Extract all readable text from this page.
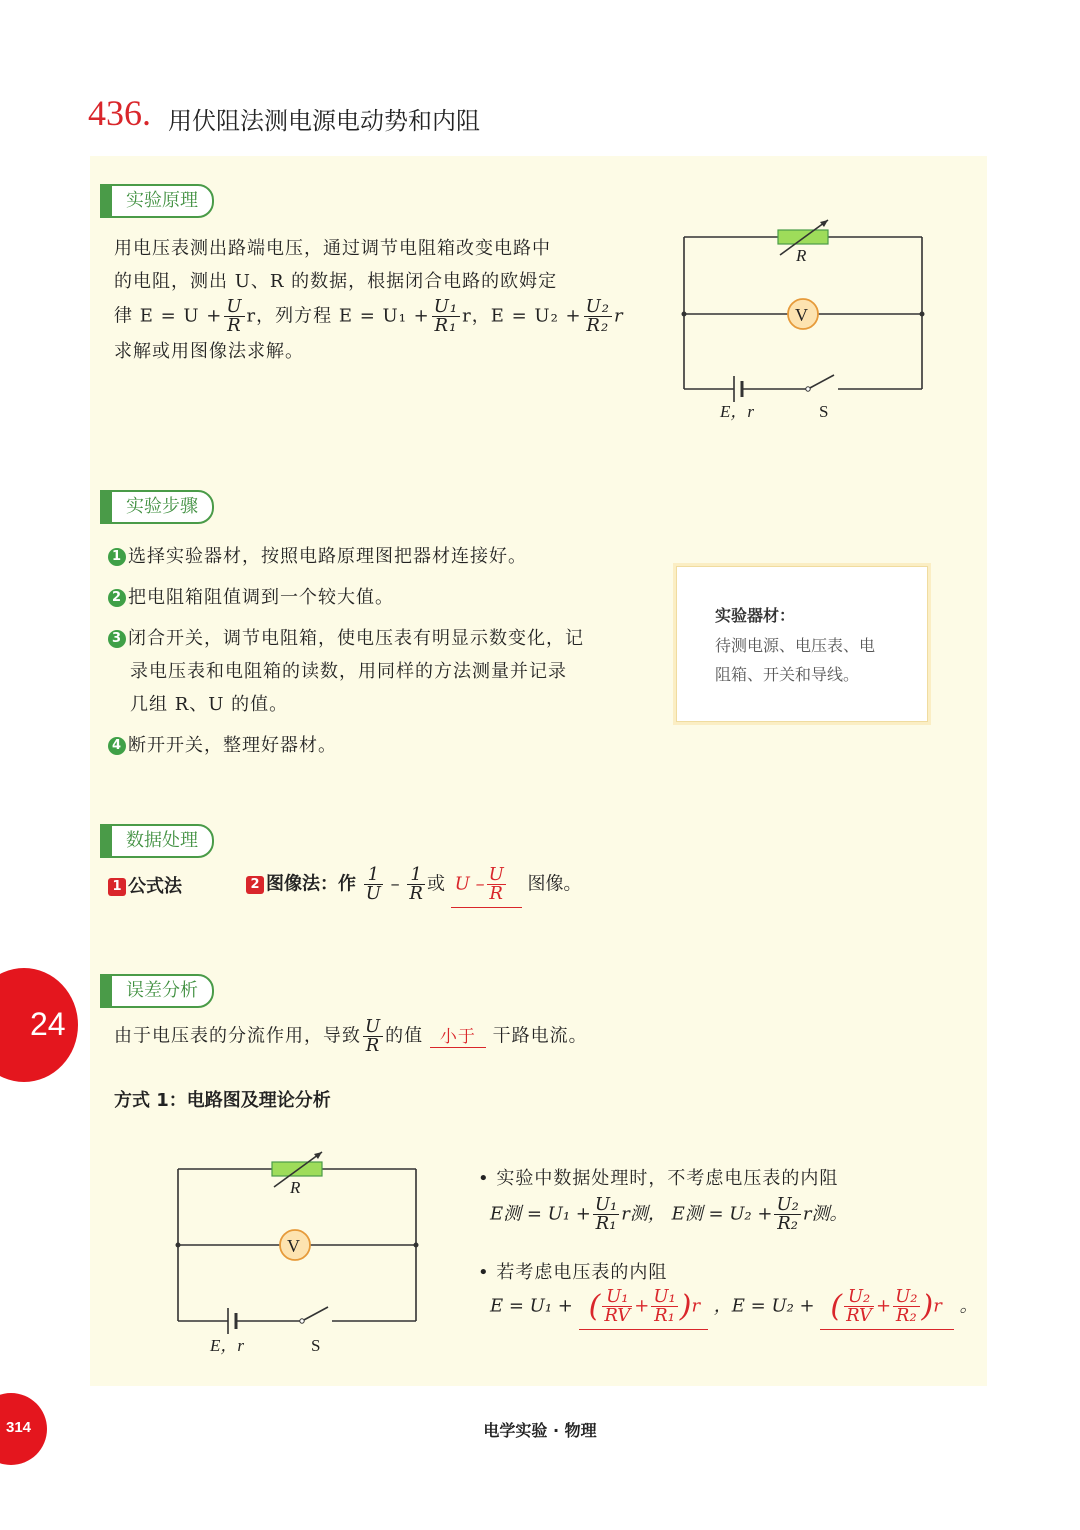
436. 用伏阻法测电源电动势和内阻
实验原理
用电压表测出路端电压，通过调节电阻箱改变电路中
的电阻，测出 U、R 的数据，根据闭合电路的欧姆定
律 $E = U + \frac{U}{R}$ r，列方程 $E = U_1 + \frac{\text{U₁}}{\text{R₁}}$ r，$E = U_2 + \frac{\text{U₂}}{\text{R₂}}$ r
求解或用图像法求解。
R
V
E，r	S
实验步骤
1 选择实验器材，按照电路原理图把器材连接好。
2 把电阻箱阻值调到一个较大值。
3 闭合开关，调节电阻箱，使电压表有明显示数变化，记
录电压表和电阻箱的读数，用同样的方法测量并记录
几组 R、U 的值。
4 断开开关，整理好器材。
实验器材：
待测电源、电压表、电
阻箱、开关和导线。
数据处理
1 公式法	2 图像法：作 $\frac{1}{U} - \frac{1}{R}$ 或 U – $\frac{U}{R}$ 图像。
误差分析
由于电压表的分流作用，导致 $\frac{U}{R}$ 的值 小于 干路电流。
方式 1：电路图及理论分析
R
V
E，r	S
• 实验中数据处理时，不考虑电压表的内阻
E测 = $U_1 + \frac{\text{U₁}}{\text{R₁}}$ r测， E测 = $U_2 + \frac{\text{U₂}}{\text{R₂}}$ r测。
• 若考虑电压表的内阻
E = U₁ + ( $\frac{\text{U₁}}{RV} + \frac{\text{U₁}}{\text{R₁}} )r$ ，E = U₂ + ( $\frac{\text{U₂}}{RV} + \frac{\text{U₂}}{\text{R₂}} )r$ 。
24
314	电学实验 · 物理
